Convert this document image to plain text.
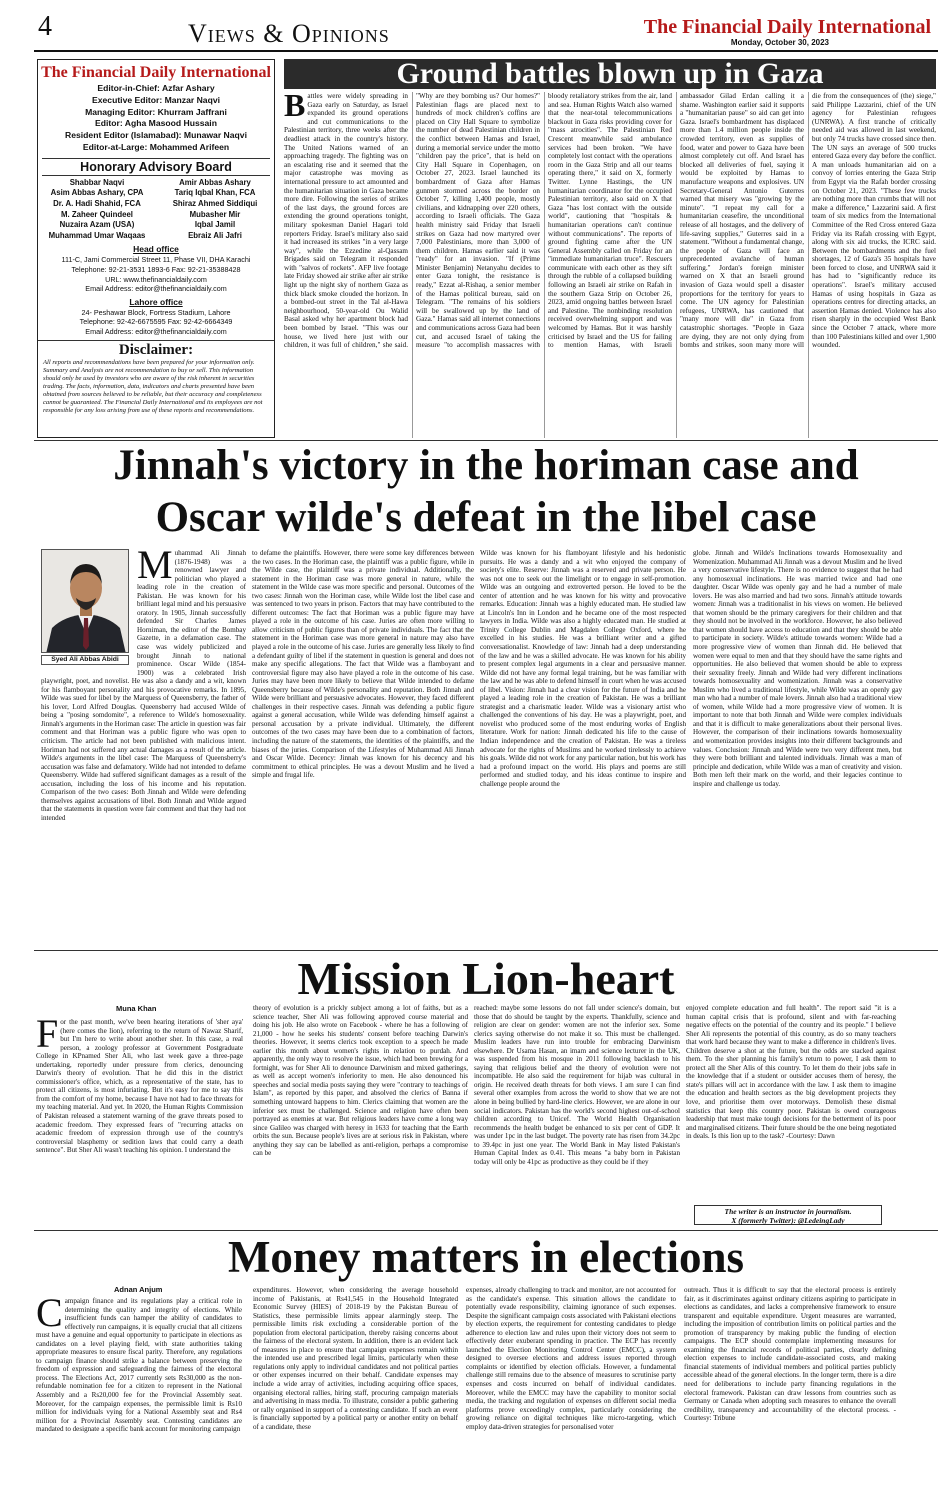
4	Views & Opinions	The Financial Daily International
Monday, October 30, 2023
The Financial Daily International
Editor-in-Chief: Azfar Ashary
Executive Editor: Manzar Naqvi
Managing Editor: Khurram Jaffrani
Editor: Agha Masood Hussain
Resident Editor (Islamabad): Munawar Naqvi
Editor-at-Large: Mohammed Arifeen
Honorary Advisory Board
Shabbar Naqvi
Asim Abbas Ashary, CPA
Dr. A. Hadi Shahid, FCA
M. Zaheer Quindeel
Nuzaira Azam (USA)
Muhammad Umar Waqaas
Amir Abbas Ashary
Tariq Iqbal Khan, FCA
Shiraz Ahmed Siddiqui
Mubasher Mir
Iqbal Jamil
Ebraiz Ali Jafri
Head office
111-C, Jami Commercial Street 11, Phase VII, DHA Karachi
Telephone: 92-21-3531 1893-6 Fax: 92-21-35388428
URL: www.thefinancialdaily.com
Email Address: editor@thefinancialdaily.com
Lahore office
24- Peshawar Block, Fortress Stadium, Lahore
Telephone: 92-42-6675595 Fax: 92-42-6664349
Email Address: editor@thefinancialdaily.com
Disclaimer:
All reports and recommendations have been prepared for your information only. Summary and Analysis are not recommendation to buy or sell. This information should only be used by investors who are aware of the risk inherent in securities trading. The facts, information, data, indicators and charts presented have been obtained from sources believed to be reliable, but their accuracy and completeness cannot be guaranteed. The Financial Daily International and its employees are not responsible for any loss arising from use of these reports and recommendations.
Ground battles blown up in Gaza
Battles were widely spreading in Gaza early on Saturday, as Israel expanded its ground operations and cut communications to the Palestinian territory, three weeks after the deadliest attack in the country's history. The United Nations warned of an approaching tragedy. The fighting was on an escalating rise and it seemed that the major catastrophe was moving as international pressure to act amounted and the humanitarian situation in Gaza became more dire. Following the series of strikes of the last days, the ground forces are extending the ground operations tonight, military spokesman Daniel Hagari told reporters Friday. Israel's military also said it had increased its strikes "in a very large way", while the Ezzedine al-Qassam Brigades said on Telegram it responded with "salvos of rockets". AFP live footage late Friday showed air strike after air strike light up the night sky of northern Gaza as thick black smoke clouded the horizon. In a bombed-out street in the Tal al-Hawa neighbourhood, 50-year-old Ou Walid Basal asked why her apartment block had been bombed by Israel. "This was our house, we lived here just with our children, it was full of children," she said. "Why are they bombing us? Our homes?" Palestinian flags are placed next to hundreds of mock children's coffins are placed on City Hall Square to symbolize the number of dead Palestinian children in the conflict between Hamas and Israel, during a memorial service under the motto "children pay the price", that is held on City Hall Square in Copenhagen, on October 27, 2023. Israel launched its bombardment of Gaza after Hamas gunmen stormed across the border on October 7, killing 1,400 people, mostly civilians, and kidnapping over 220 others, according to Israeli officials. The Gaza health ministry said Friday that Israeli strikes on Gaza had now martyred over 7,000 Palestinians, more than 3,000 of them children. Hamas earlier said it was "ready" for an invasion. "If (Prime Minister Benjamin) Netanyahu decides to enter Gaza tonight, the resistance is ready," Ezzat al-Rishaq, a senior member of the Hamas political bureau, said on Telegram. "The remains of his soldiers will be swallowed up by the land of Gaza." Hamas said all internet connections and communications across Gaza had been cut, and accused Israel of taking the measure "to accomplish massacres with bloody retaliatory strikes from the air, land and sea. Human Rights Watch also warned that the near-total telecommunications blackout in Gaza risks providing cover for "mass atrocities". The Palestinian Red Crescent meanwhile said ambulance services had been broken. "We have completely lost contact with the operations room in the Gaza Strip and all our teams operating there," it said on X, formerly Twitter. Lynne Hastings, the UN humanitarian coordinator for the occupied Palestinian territory, also said on X that Gaza "has lost contact with the outside world", cautioning that "hospitals & humanitarian operations can't continue without communications". The reports of ground fighting came after the UN General Assembly called on Friday for an "immediate humanitarian truce". Rescuers communicate with each other as they sift through the rubble of a collapsed building following an Israeli air strike on Rafah in the southern Gaza Strip on October 26, 2023, amid ongoing battles between Israel and Palestine. The nonbinding resolution received overwhelming support and was welcomed by Hamas. But it was harshly criticised by Israel and the US for failing to mention Hamas, with Israeli ambassador Gilad Erdan calling it a shame. Washington earlier said it supports a "humanitarian pause" so aid can get into Gaza. Israel's bombardment has displaced more than 1.4 million people inside the crowded territory, even as supplies of food, water and power to Gaza have been almost completely cut off. And Israel has blocked all deliveries of fuel, saying it would be exploited by Hamas to manufacture weapons and explosives. UN Secretary-General Antonio Guterres warned that misery was "growing by the minute". "I repeat my call for a humanitarian ceasefire, the unconditional release of all hostages, and the delivery of life-saving supplies," Guterres said in a statement. "Without a fundamental change, the people of Gaza will face an unprecedented avalanche of human suffering." Jordan's foreign minister warned on X that an Israeli ground invasion of Gaza would spell a disaster proportions for the territory for years to come. The UN agency for Palestinian refugees, UNRWA, has cautioned that "many more will die" in Gaza from catastrophic shortages. "People in Gaza are dying, they are not only dying from bombs and strikes, soon many more will die from the consequences of (the) siege," said Philippe Lazzarini, chief of the UN agency for Palestinian refugees (UNRWA). A first tranche of critically needed aid was allowed in last weekend, but only 74 trucks have crossed since then. The UN says an average of 500 trucks entered Gaza every day before the conflict. A man unloads humanitarian aid on a convoy of lorries entering the Gaza Strip from Egypt via the Rafah border crossing on October 21, 2023. "These few trucks are nothing more than crumbs that will not make a difference," Lazzarini said. A first team of six medics from the International Committee of the Red Cross entered Gaza Friday via its Rafah crossing with Egypt, along with six aid trucks, the ICRC said. Between the bombardments and the fuel shortages, 12 of Gaza's 35 hospitals have been forced to close, and UNRWA said it has had to "significantly reduce its operations". Israel's military accused Hamas of using hospitals in Gaza as operations centres for directing attacks, an assertion Hamas denied. Violence has also risen sharply in the occupied West Bank since the October 7 attack, where more than 100 Palestinians killed and over 1,900 wounded.
Jinnah's victory in the horiman case and
Oscar wilde's defeat in the libel case
Syed Ali Abbas Abidi
Muhammad Ali Jinnah (1876-1948) was a renowned lawyer and politician who played a leading role in the creation of Pakistan. He was known for his brilliant legal mind and his persuasive oratory. In 1905, Jinnah successfully defended Sir Charles James Horniman, the editor of the Bombay Gazette, in a defamation case. The case was widely publicized and brought Jinnah to national prominence. Oscar Wilde (1854-1900) was a celebrated Irish playwright, poet, and novelist. He was also a dandy and a wit, known for his flamboyant personality and his provocative remarks. In 1895, Wilde was sued for libel by the Marquess of Queensberry, the father of his lover, Lord Alfred Douglas. Queensberry had accused Wilde of being a "posing somdomite", a reference to Wilde's homosexuality. Jinnah's arguments in the Horiman case: The article in question was fair comment and that Horiman was a public figure who was open to criticism. The article had not been published with malicious intent. Horiman had not suffered any actual damages as a result of the article. Wilde's arguments in the libel case: The Marquess of Queensberry's accusation was false and defamatory. Wilde had not intended to defame Queensberry. Wilde had suffered significant damages as a result of the accusation, including the loss of his income and his reputation. Comparison of the two cases: Both Jinnah and Wilde were defending themselves against accusations of libel. Both Jinnah and Wilde argued that the statements in question were fair comment and that they had not intended
to defame the plaintiffs. However, there were some key differences between the two cases. In the Horiman case, the plaintiff was a public figure, while in the Wilde case, the plaintiff was a private individual. Additionally, the statement in the Horiman case was more general in nature, while the statement in the Wilde case was more specific and personal. Outcomes of the two cases: Jinnah won the Horiman case, while Wilde lost the libel case and was sentenced to two years in prison. Factors that may have contributed to the different outcomes: The fact that Horiman was a public figure may have played a role in the outcome of his case. Juries are often more willing to allow criticism of public figures than of private individuals. The fact that the statement in the Horiman case was more general in nature may also have played a role in the outcome of his case. Juries are generally less likely to find a defendant guilty of libel if the statement in question is general and does not make any specific allegations. The fact that Wilde was a flamboyant and controversial figure may also have played a role in the outcome of his case. Juries may have been more likely to believe that Wilde intended to defame Queensberry because of Wilde's personality and reputation. Both Jinnah and Wilde were brilliant and persuasive advocates. However, they faced different challenges in their respective cases. Jinnah was defending a public figure against a general accusation, while Wilde was defending himself against a personal accusation by a private individual. Ultimately, the different outcomes of the two cases may have been due to a combination of factors, including the nature of the statements, the identities of the plaintiffs, and the biases of the juries. Comparison of the Lifestyles of Muhammad Ali Jinnah and Oscar Wilde. Decency: Jinnah was known for his decency and his commitment to ethical principles. He was a devout Muslim and he lived a simple and frugal life.
Wilde was known for his flamboyant lifestyle and his hedonistic pursuits. He was a dandy and a wit who enjoyed the company of society's elite. Reserve: Jinnah was a reserved and private person. He was not one to seek out the limelight or to engage in self-promotion. Wilde was an outgoing and extroverted person. He loved to be the center of attention and he was known for his witty and provocative remarks. Education: Jinnah was a highly educated man. He studied law at Lincoln's Inn in London and he became one of the most respected lawyers in India. Wilde was also a highly educated man. He studied at Trinity College Dublin and Magdalen College Oxford, where he excelled in his studies. He was a brilliant writer and a gifted conversationalist. Knowledge of law: Jinnah had a deep understanding of the law and he was a skilled advocate. He was known for his ability to present complex legal arguments in a clear and persuasive manner. Wilde did not have any formal legal training, but he was familiar with the law and he was able to defend himself in court when he was accused of libel. Vision: Jinnah had a clear vision for the future of India and he played a leading role in the creation of Pakistan. He was a brilliant strategist and a charismatic leader. Wilde was a visionary artist who challenged the conventions of his day. He was a playwright, poet, and novelist who produced some of the most enduring works of English literature. Work for nation: Jinnah dedicated his life to the cause of Indian independence and the creation of Pakistan. He was a tireless advocate for the rights of Muslims and he worked tirelessly to achieve his goals. Wilde did not work for any particular nation, but his work has had a profound impact on the world. His plays and poems are still performed and studied today, and his ideas continue to inspire and challenge people around the
globe. Jinnah and Wilde's Inclinations towards Homosexuality and Womenization. Muhammad Ali Jinnah was a devout Muslim and he lived a very conservative lifestyle. There is no evidence to suggest that he had any homosexual inclinations. He was married twice and had one daughter. Oscar Wilde was openly gay and he had a number of male lovers. He was also married and had two sons. Jinnah's attitude towards women: Jinnah was a traditionalist in his views on women. He believed that women should be the primary caregivers for their children and that they should not be involved in the workforce. However, he also believed that women should have access to education and that they should be able to participate in society. Wilde's attitude towards women: Wilde had a more progressive view of women than Jinnah did. He believed that women were equal to men and that they should have the same rights and opportunities. He also believed that women should be able to express their sexuality freely. Jinnah and Wilde had very different inclinations towards homosexuality and womenization. Jinnah was a conservative Muslim who lived a traditional lifestyle, while Wilde was an openly gay man who had a number of male lovers. Jinnah also had a traditional view of women, while Wilde had a more progressive view of women. It is important to note that both Jinnah and Wilde were complex individuals and that it is difficult to make generalizations about their personal lives. However, the comparison of their inclinations towards homosexuality and womenization provides insights into their different backgrounds and values. Conclusion: Jinnah and Wilde were two very different men, but they were both brilliant and talented individuals. Jinnah was a man of principle and dedication, while Wilde was a man of creativity and vision. Both men left their mark on the world, and their legacies continue to inspire and challenge us today.
Mission Lion-heart
Muna Khan
For the past month, we've been hearing iterations of 'sher aya' (here comes the lion), referring to the return of Nawaz Sharif, but I'm here to write about another sher. In this case, a real person, a zoology professor at Government Postgraduate College in KPnamed Sher Ali, who last week gave a three-page undertaking, reportedly under pressure from clerics, denouncing Darwin's theory of evolution. That he did this in the district commissioner's office, which, as a representative of the state, has to protect all citizens, is most infuriating. But it's easy for me to say this from the comfort of my home, because I have not had to face threats for my teaching material. And yet. In 2020, the Human Rights Commission of Pakistan released a statement warning of the grave threats posed to academic freedom. They expressed fears of "recurring attacks on academic freedom of expression through use of the country's controversial blasphemy or sedition laws that could carry a death sentence". But Sher Ali wasn't teaching his opinion. I understand the
theory of evolution is a prickly subject among a lot of faiths, but as a science teacher, Sher Ali was following approved course material and doing his job. He also wrote on Facebook - where he has a following of 21,000 - how he seeks his students' consent before teaching Darwin's theories. However, it seems clerics took exception to a speech he made earlier this month about women's rights in relation to purdah. And apparently, the only way to resolve the issue, which had been brewing for a fortnight, was for Sher Ali to denounce Darwinism and mixed gatherings, as well as accept women's inferiority to men. He also denounced his speeches and social media posts saying they were "contrary to teachings of Islam", as reported by this paper, and absolved the clerics of Banna if something untoward happens to him. Clerics claiming that women are the inferior sex must be challenged. Science and religion have often been portrayed as enemies at war. But religious leaders have come a long way since Galileo was charged with heresy in 1633 for teaching that the Earth orbits the sun. Because people's lives are at serious risk in Pakistan, where anything they say can be labelled as anti-religion, perhaps a compromise can be
reached: maybe some lessons do not fall under science's domain, but those that do should be taught by the experts. Thankfully, science and religion are clear on gender: women are not the inferior sex. Some clerics saying otherwise do not make it so. This must be challenged. Muslim leaders have run into trouble for embracing Darwinism elsewhere. Dr Usama Hasan, an imam and science lecturer in the UK, was suspended from his mosque in 2011 following backlash to his saying that religious belief and the theory of evolution were not incompatible. He also said the requirement for hijab was cultural in origin. He received death threats for both views. I am sure I can find several other examples from across the world to show that we are not alone in being bullied by hard-line clerics. However, we are alone in our social indicators. Pakistan has the world's second highest out-of-school children according to Unicef. The World Health Organisation recommends the health budget be enhanced to six per cent of GDP. It was under 1pc in the last budget. The poverty rate has risen from 34.2pc to 39.4pc in just one year. The World Bank in May listed Pakistan's Human Capital Index as 0.41. This means "a baby born in Pakistan today will only be 41pc as productive as they could be if they
enjoyed complete education and full health". The report said "it is a human capital crisis that is profound, silent and with far-reaching negative effects on the potential of the country and its people." I believe Sher Ali represents the potential of this country, as do so many teachers that work hard because they want to make a difference in children's lives. Children deserve a shot at the future, but the odds are stacked against them. To the sher planning his family's return to power, I ask them to protect all the Sher Alis of this country. To let them do their jobs safe in the knowledge that if a student or outsider accuses them of heresy, the state's pillars will act in accordance with the law. I ask them to imagine the education and health sectors as the big development projects they love, and prioritise them over motorways. Demolish these dismal statistics that keep this country poor. Pakistan is owed courageous leadership that must make tough decisions for the betterment of its poor and marginalised citizens. Their future should be the one being negotiated in deals. Is this lion up to the task? -Courtesy: Dawn
The writer is an instructor in journalism.
X (formerly Twitter): @LedeingLady
Money matters in elections
Adnan Anjum
Campaign finance and its regulations play a critical role in determining the quality and integrity of elections. While insufficient funds can hamper the ability of candidates to effectively run campaigns, it is equally crucial that all citizens must have a genuine and equal opportunity to participate in elections as candidates on a level playing field, with state authorities taking appropriate measures to ensure fiscal parity. Therefore, any regulations to campaign finance should strike a balance between preserving the freedom of expression and safeguarding the fairness of the electoral process. The Elections Act, 2017 currently sets Rs30,000 as the non-refundable nomination fee for a citizen to represent in the National Assembly and a Rs20,000 fee for the Provincial Assembly seat. Moreover, for the campaign expenses, the permissible limit is Rs10 million for individuals vying for a National Assembly seat and Rs4 million for a Provincial Assembly seat. Contesting candidates are mandated to designate a specific bank account for monitoring campaign
expenditures. However, when considering the average household income of Pakistanis, at Rs41,545 in the Household Integrated Economic Survey (HIES) of 2018-19 by the Pakistan Bureau of Statistics, these permissible limits appear alarmingly steep. The permissible limits risk excluding a considerable portion of the population from electoral participation, thereby raising concerns about the fairness of the electoral system. In addition, there is an evident lack of measures in place to ensure that campaign expenses remain within the intended use and prescribed legal limits, particularly when these regulations only apply to individual candidates and not political parties or other expenses incurred on their behalf. Candidate expenses may include a wide array of activities, including acquiring office spaces, organising electoral rallies, hiring staff, procuring campaign materials and advertising in mass media. To illustrate, consider a public gathering or rally organised in support of a contesting candidate. If such an event is financially supported by a political party or another entity on behalf of a candidate, these
expenses, already challenging to track and monitor, are not accounted for as the candidate's expense. This situation allows the candidate to potentially evade responsibility, claiming ignorance of such expenses. Despite the significant campaign costs associated with Pakistani elections by election experts, the requirement for contesting candidates to pledge adherence to election law and rules upon their victory does not seem to effectively deter exuberant spending in practice. The ECP has recently launched the Election Monitoring Control Center (EMCC), a system designed to oversee elections and address issues reported through complaints or identified by election officials. However, a fundamental challenge still remains due to the absence of measures to scrutinise party expenses and costs incurred on behalf of individual candidates. Moreover, while the EMCC may have the capability to monitor social media, the tracking and regulation of expenses on different social media platforms prove exceedingly complex, particularly considering the growing reliance on digital techniques like micro-targeting, which employ data-driven strategies for personalised voter
outreach. Thus it is difficult to say that the electoral process is entirely fair, as it discriminates against ordinary citizens aspiring to participate in elections as candidates, and lacks a comprehensive framework to ensure transparent and equitable expenditure. Urgent measures are warranted, including the imposition of contribution limits on political parties and the promotion of transparency by making public the funding of election campaigns. The ECP should contemplate implementing measures for examining the financial records of political parties, clearly defining election expenses to include candidate-associated costs, and making financial statements of individual members and political parties publicly accessible ahead of the general elections. In the longer term, there is a dire need for deliberations to include party financing regulations in the electoral framework. Pakistan can draw lessons from countries such as Germany or Canada when adopting such measures to enhance the overall credibility, transparency and accountability of the electoral process. -Courtesy: Tribune
